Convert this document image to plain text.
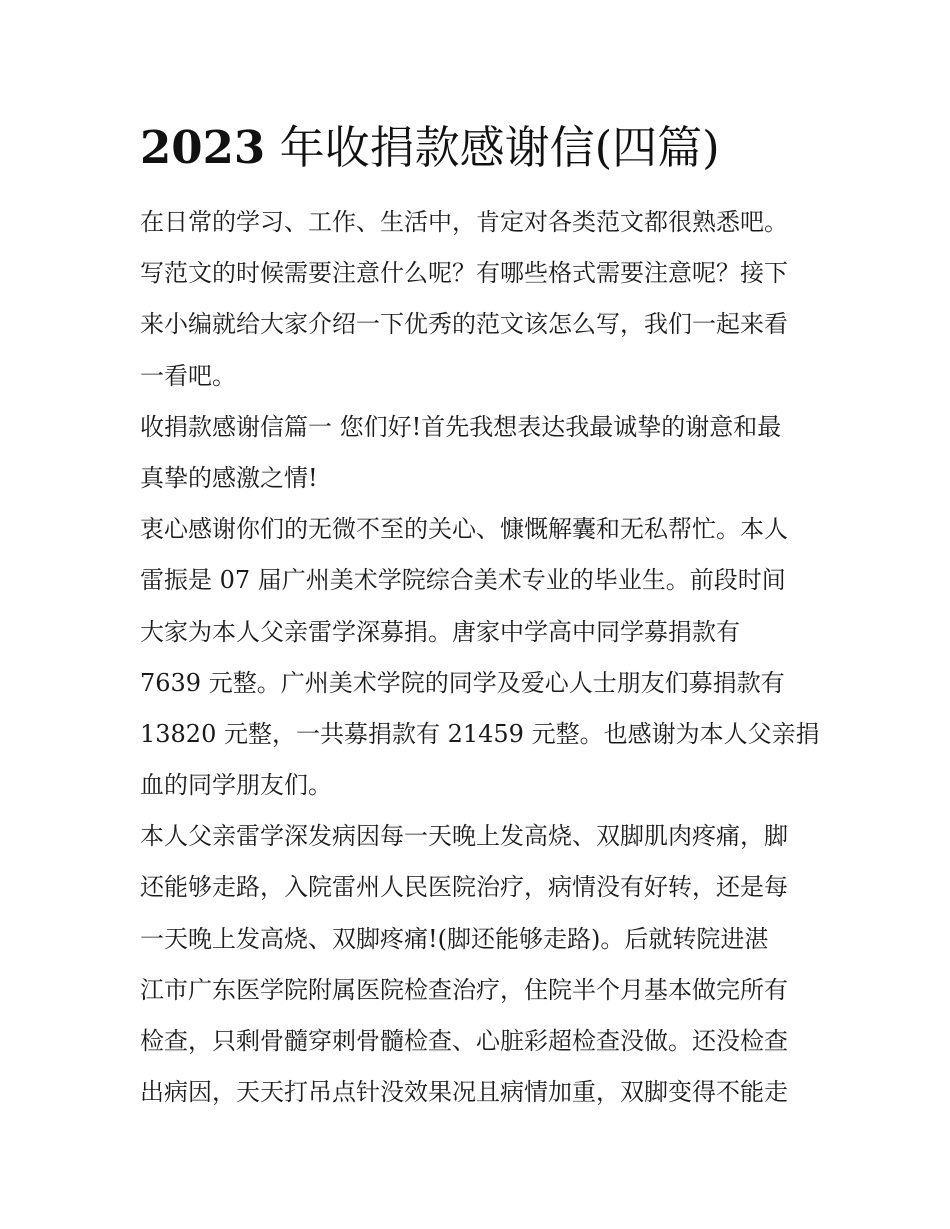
2023 年收捐款感谢信(四篇)
在日常的学习、工作、生活中，肯定对各类范文都很熟悉吧。
写范文的时候需要注意什么呢？有哪些格式需要注意呢？接下
来小编就给大家介绍一下优秀的范文该怎么写，我们一起来看
一看吧。
收捐款感谢信篇一 您们好!首先我想表达我最诚挚的谢意和最
真挚的感激之情!
衷心感谢你们的无微不至的关心、慷慨解囊和无私帮忙。本人
雷振是 07 届广州美术学院综合美术专业的毕业生。前段时间
大家为本人父亲雷学深募捐。唐家中学高中同学募捐款有
7639 元整。广州美术学院的同学及爱心人士朋友们募捐款有
13820 元整，一共募捐款有 21459 元整。也感谢为本人父亲捐
血的同学朋友们。
本人父亲雷学深发病因每一天晚上发高烧、双脚肌肉疼痛，脚
还能够走路，入院雷州人民医院治疗，病情没有好转，还是每
一天晚上发高烧、双脚疼痛!(脚还能够走路)。后就转院进湛
江市广东医学院附属医院检查治疗，住院半个月基本做完所有
检查，只剩骨髓穿刺骨髓检查、心脏彩超检查没做。还没检查
出病因，天天打吊点针没效果况且病情加重，双脚变得不能走
